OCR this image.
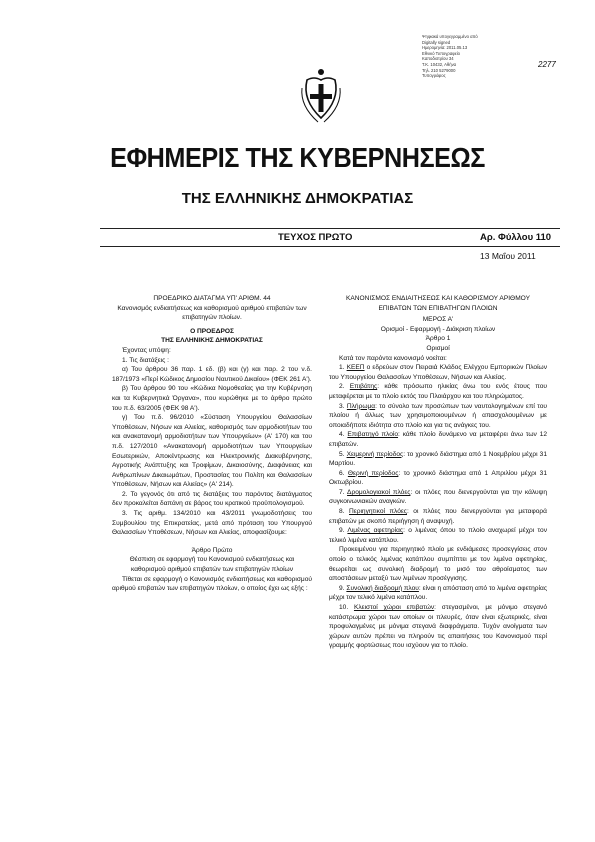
Ψηφιακά υπογεγραμμένο από
Digitally signed
Ημερομηνία: 2011.05.13
Εθνικό Τυπογραφείο
Καποδιστρίου 34
Τ.Κ. 10432, Αθήνα
Τηλ. 210 5279000
Τυπογράφος
2277
ΕΦΗΜΕΡΙΣ ΤΗΣ ΚΥΒΕΡΝΗΣΕΩΣ
ΤΗΣ ΕΛΛΗΝΙΚΗΣ ΔΗΜΟΚΡΑΤΙΑΣ
ΤΕΥΧΟΣ ΠΡΩΤΟ	Αρ. Φύλλου 110
13 Μαΐου 2011
ΠΡΟΕΔΡΙΚΟ ΔΙΑΤΑΓΜΑ ΥΠ' ΑΡΙΘΜ. 44
Κανονισμός ενδιαιτήσεως και καθορισμού αριθμού επιβατών των επιβατηγών πλοίων.
Ο ΠΡΟΕΔΡΟΣ
ΤΗΣ ΕΛΛΗΝΙΚΗΣ ΔΗΜΟΚΡΑΤΙΑΣ
Έχοντας υπόψη:
1. Τις διατάξεις :
α) Του άρθρου 36 παρ. 1 εδ. (β) και (γ) και παρ. 2 του ν.δ. 187/1973 «Περί Κώδικος Δημοσίου Ναυτικού Δικαίου» (ΦΕΚ 261 Α').
β) Του άρθρου 90 του «Κώδικα Νομοθεσίας για την Κυβέρνηση και τα Κυβερνητικά Όργανα», που κυρώθηκε με το άρθρο πρώτο του π.δ. 63/2005 (ΦΕΚ 98 Α').
γ) Του π.δ. 96/2010 «Σύσταση Υπουργείου Θαλασσίων Υποθέσεων, Νήσων και Αλιείας, καθορισμός των αρμοδιοτήτων του και ανακατανομή αρμοδιοτήτων των Υπουργείων» (Α' 170) και του π.δ. 127/2010 «Ανακατανομή αρμοδιοτήτων των Υπουργείων Εσωτερικών, Αποκέντρωσης και Ηλεκτρονικής Διακυβέρνησης, Αγροτικής Ανάπτυξης και Τροφίμων, Δικαιοσύνης, Διαφάνειας και Ανθρωπίνων Δικαιωμάτων, Προστασίας του Πολίτη και Θαλασσίων Υποθέσεων, Νήσων και Αλιείας» (Α' 214).
2. Το γεγονός ότι από τις διατάξεις του παρόντος διατάγματος δεν προκαλείται δαπάνη σε βάρος του κρατικού προϋπολογισμού.
3. Τις αριθμ. 134/2010 και 43/2011 γνωμοδοτήσεις του Συμβουλίου της Επικρατείας, μετά από πρόταση του Υπουργού Θαλασσίων Υποθέσεων, Νήσων και Αλιείας, αποφασίζουμε:
Άρθρο Πρώτο
Θέσπιση σε εφαρμογή του Κανονισμού ενδιαιτήσεως και καθορισμού αριθμού επιβατών των επιβατηγών πλοίων
Τίθεται σε εφαρμογή ο Κανονισμός ενδιαιτήσεως και καθορισμού αριθμού επιβατών των επιβατηγών πλοίων, ο οποίος έχει ως εξής :
ΚΑΝΟΝΙΣΜΟΣ ΕΝΔΙΑΙΤΗΣΕΩΣ ΚΑΙ ΚΑΘΟΡΙΣΜΟΥ ΑΡΙΘΜΟΥ ΕΠΙΒΑΤΩΝ ΤΩΝ ΕΠΙΒΑΤΗΓΩΝ ΠΛΟΙΩΝ
ΜΕΡΟΣ Α'
Ορισμοί - Εφαρμογή - Διάκριση πλοίων
Άρθρο 1
Ορισμοί
Κατά τον παρόντα κανονισμό νοείται:
1. ΚΕΕΠ ο εδρεύων στον Πειραιά Κλάδος Ελέγχου Εμπορικών Πλοίων του Υπουργείου Θαλασσίων Υποθέσεων, Νήσων και Αλιείας.
2. Επιβάτης: κάθε πρόσωπο ηλικίας άνω του ενός έτους που μεταφέρεται με το πλοίο εκτός του Πλοιάρχου και του πληρώματος.
3. Πλήρωμα: το σύνολο των προσώπων των ναυτολογημένων επί του πλοίου ή άλλως των χρησιμοποιουμένων ή απασχολουμένων με οποιαδήποτε ιδιότητα στο πλοίο και για τις ανάγκες του.
4. Επιβατηγό πλοίο: κάθε πλοίο δυνάμενο να μεταφέρει άνω των 12 επιβατών.
5. Χειμερινή περίοδος: το χρονικό διάστημα από 1 Νοεμβρίου μέχρι 31 Μαρτίου.
6. Θερινή περίοδος: το χρονικό διάστημα από 1 Απριλίου μέχρι 31 Οκτωβρίου.
7. Δρομολογιακοί πλόες: οι πλόες που διενεργούνται για την κάλυψη συγκοινωνιακών αναγκών.
8. Περιηγητικοί πλόες: οι πλόες που διενεργούνται για μεταφορά επιβατών με σκοπό περιήγηση ή αναψυχή.
9. Λιμένας αφετηρίας: ο λιμένας όπου το πλοίο αναχωρεί μέχρι τον τελικό λιμένα κατάπλου.
Προκειμένου για περιηγητικό πλοίο με ενδιάμεσες προσεγγίσεις στον οποίο ο τελικός λιμένας κατάπλου συμπίπτει με τον λιμένα αφετηρίας, θεωρείται ως συνολική διαδρομή το μισό του αθροίσματος των αποστάσεων μεταξύ των λιμένων προσέγγισης.
9. Συνολική διαδρομή πλου: είναι η απόσταση από το λιμένα αφετηρίας μέχρι τον τελικό λιμένα κατάπλου.
10. Κλειστοί χώροι επιβατών: στεγασμένοι, με μόνιμο στεγανό κατάστρωμα χώροι των οποίων οι πλευρές, όταν είναι εξωτερικές, είναι προφυλαγμένες με μόνιμα στεγανά διαφράγματα. Τυχόν ανοίγματα των χώρων αυτών πρέπει να πληρούν τις απαιτήσεις του Κανονισμού περί γραμμής φορτώσεως που ισχύουν για το πλοίο.
